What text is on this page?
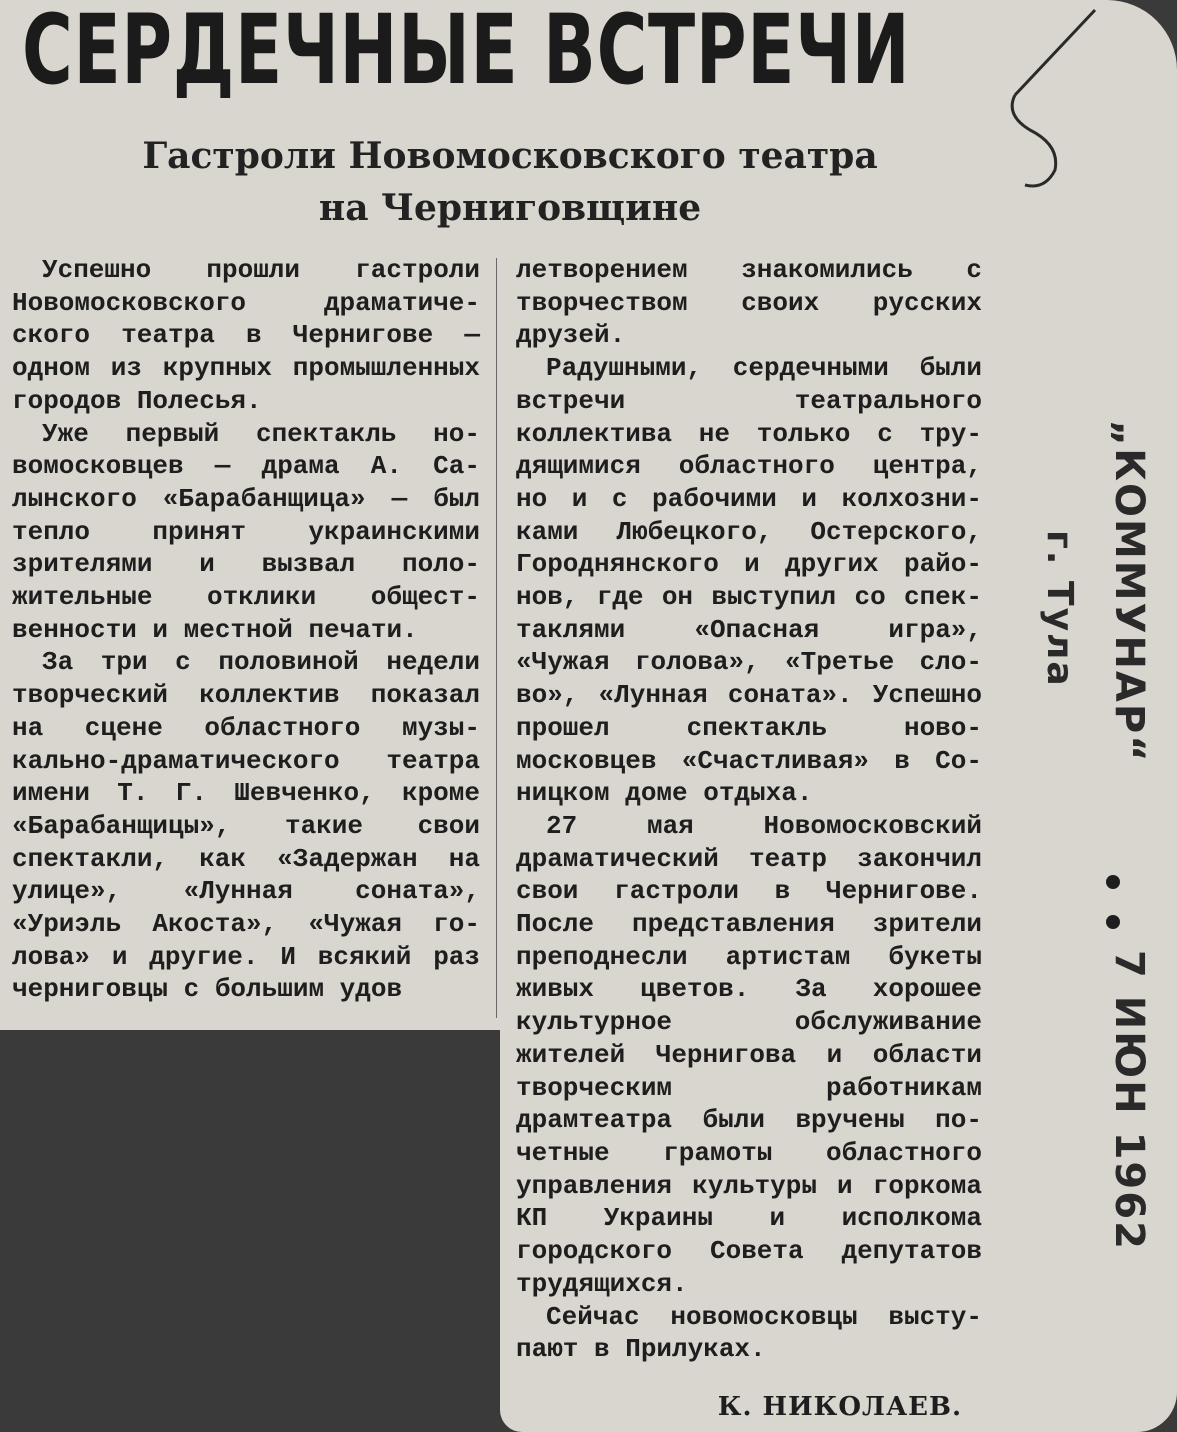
СЕРДЕЧНЫЕ ВСТРЕЧИ
Гастроли Новомосковского театра
на Черниговщине

Успешно прошли гастроли Новомосковского драматического театра в Чернигове — одном из крупных промышленных городов Полесья.

Уже первый спектакль новомосковцев — драма А. Салынского «Барабанщица» — был тепло принят украинскими зрителями и вызвал положительные отклики общественности и местной печати.

За три с половиной недели творческий коллектив показал на сцене областного музыкально-драматического театра имени Т. Г. Шевченко, кроме «Барабанщицы», такие свои спектакли, как «Задержан на улице», «Лунная соната», «Уриэль Акоста», «Чужая голова» и другие. И всякий раз черниговцы с большим удов

летворением знакомились с творчеством своих русских друзей.

Радушными, сердечными были встречи театрального коллектива не только с трудящимися областного центра, но и с рабочими и колхозниками Любецкого, Остерского, Городнянского и других районов, где он выступил со спектаклями «Опасная игра», «Чужая голова», «Третье слово», «Лунная соната». Успешно прошел спектакль новомосковцев «Счастливая» в Соницком доме отдыха.

27 мая Новомосковский драматический театр закончил свои гастроли в Чернигове. После представления зрители преподнесли артистам букеты живых цветов. За хорошее культурное обслуживание жителей Чернигова и области творческим работникам драмтеатра были вручены почетные грамоты областного управления культуры и горкома КП Украины и исполкома городского Совета депутатов трудящихся.

Сейчас новомосковцы выступают в Прилуках.

К. НИКОЛАЕВ.
„КОММУНАР“
г. Тула
7 ИЮН 1962
